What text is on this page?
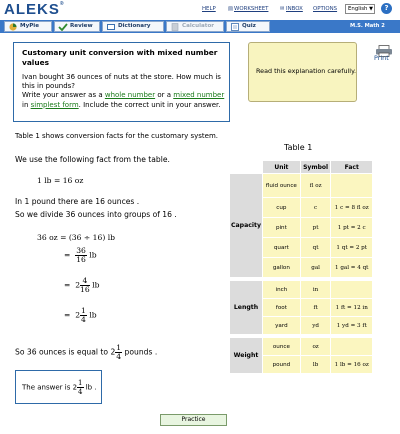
ALEKS®
HELP ▤WORKSHEET ✉INBOX OPTIONS	English ▼	?
MyPie	Review	Dictionary	Calculator	Quiz	M.S. Math 2
Customary unit conversion with mixed number values
Ivan bought 36 ounces of nuts at the store. How much is this in pounds?
Write your answer as a whole number or a mixed number
in simplest form. Include the correct unit in your answer.
Read this explanation carefully.
Print
Table 1 shows conversion facts for the customary system.
We use the following fact from the table.
1 lb = 16 oz
In 1 pound there are 16 ounces .
So we divide 36 ounces into groups of 16 .
36 oz = (36 ÷ 16) lb
= $\frac{36}{16}$ lb
= $2 \frac{4}{16}$ lb
= $2 \frac{1}{4}$ lb
So 36 ounces is equal to $2 \frac{1}{4}$ pounds .
The answer is $2 \frac{1}{4}$ lb .
Table 1
	Unit	Symbol	Fact
Capacity	fluid ounce	fl oz	
	cup	c	1 c = 8 fl oz
	pint	pt	1 pt = 2 c
	quart	qt	1 qt = 2 pt
	gallon	gal	1 gal = 4 qt

Length	inch	in	
	foot	ft	1 ft = 12 in
	yard	yd	1 yd = 3 ft

Weight	ounce	oz	
	pound	lb	1 lb = 16 oz
Practice
